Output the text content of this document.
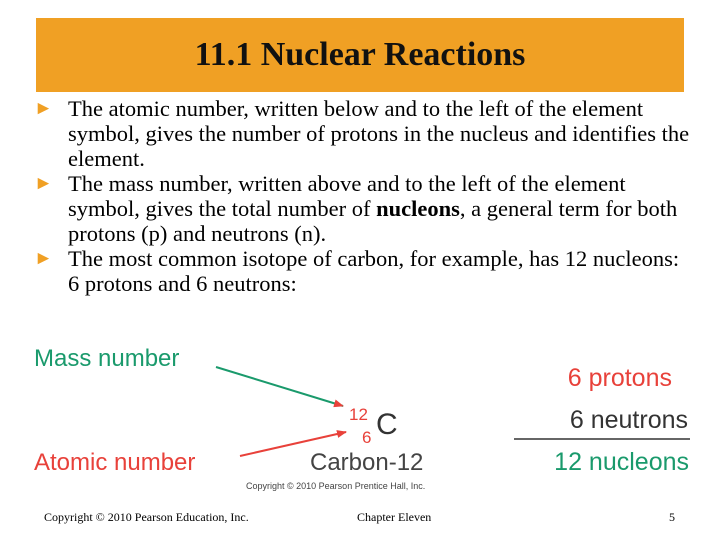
11.1 Nuclear Reactions

► The atomic number, written below and to the left of the element symbol, gives the number of protons in the nucleus and identifies the element.

► The mass number, written above and to the left of the element symbol, gives the total number of nucleons, a general term for both protons (p) and neutrons (n).

► The most common isotope of carbon, for example, has 12 nucleons: 6 protons and 6 neutrons:

Mass number
Atomic number
12
6 C
Carbon-12
6 protons
6 neutrons
12 nucleons
Copyright © 2010 Pearson Prentice Hall, Inc.
Copyright © 2010 Pearson Education, Inc.	Chapter Eleven	5
